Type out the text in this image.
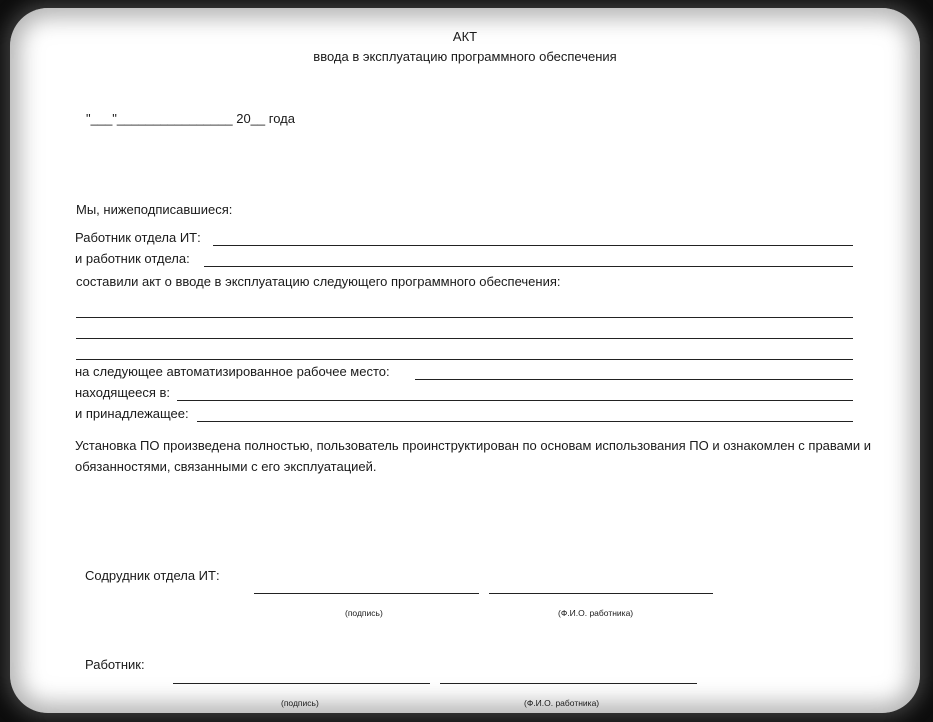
АКТ
ввода в эксплуатацию программного обеспечения
"___"________________ 20__ года
Мы, нижеподписавшиеся:
Работник отдела ИТ:
и работник отдела:
составили акт о вводе в эксплуатацию следующего программного обеспечения:
на следующее автоматизированное рабочее место:
находящееся в:
и принадлежащее:
Установка ПО произведена полностью, пользователь проинструктирован по основам использования ПО и ознакомлен с правами и обязанностями, связанными с его эксплуатацией.
Содрудник отдела ИТ:
(подпись)	(Ф.И.О. работника)
Работник:
(подпись)	(Ф.И.О. работника)
